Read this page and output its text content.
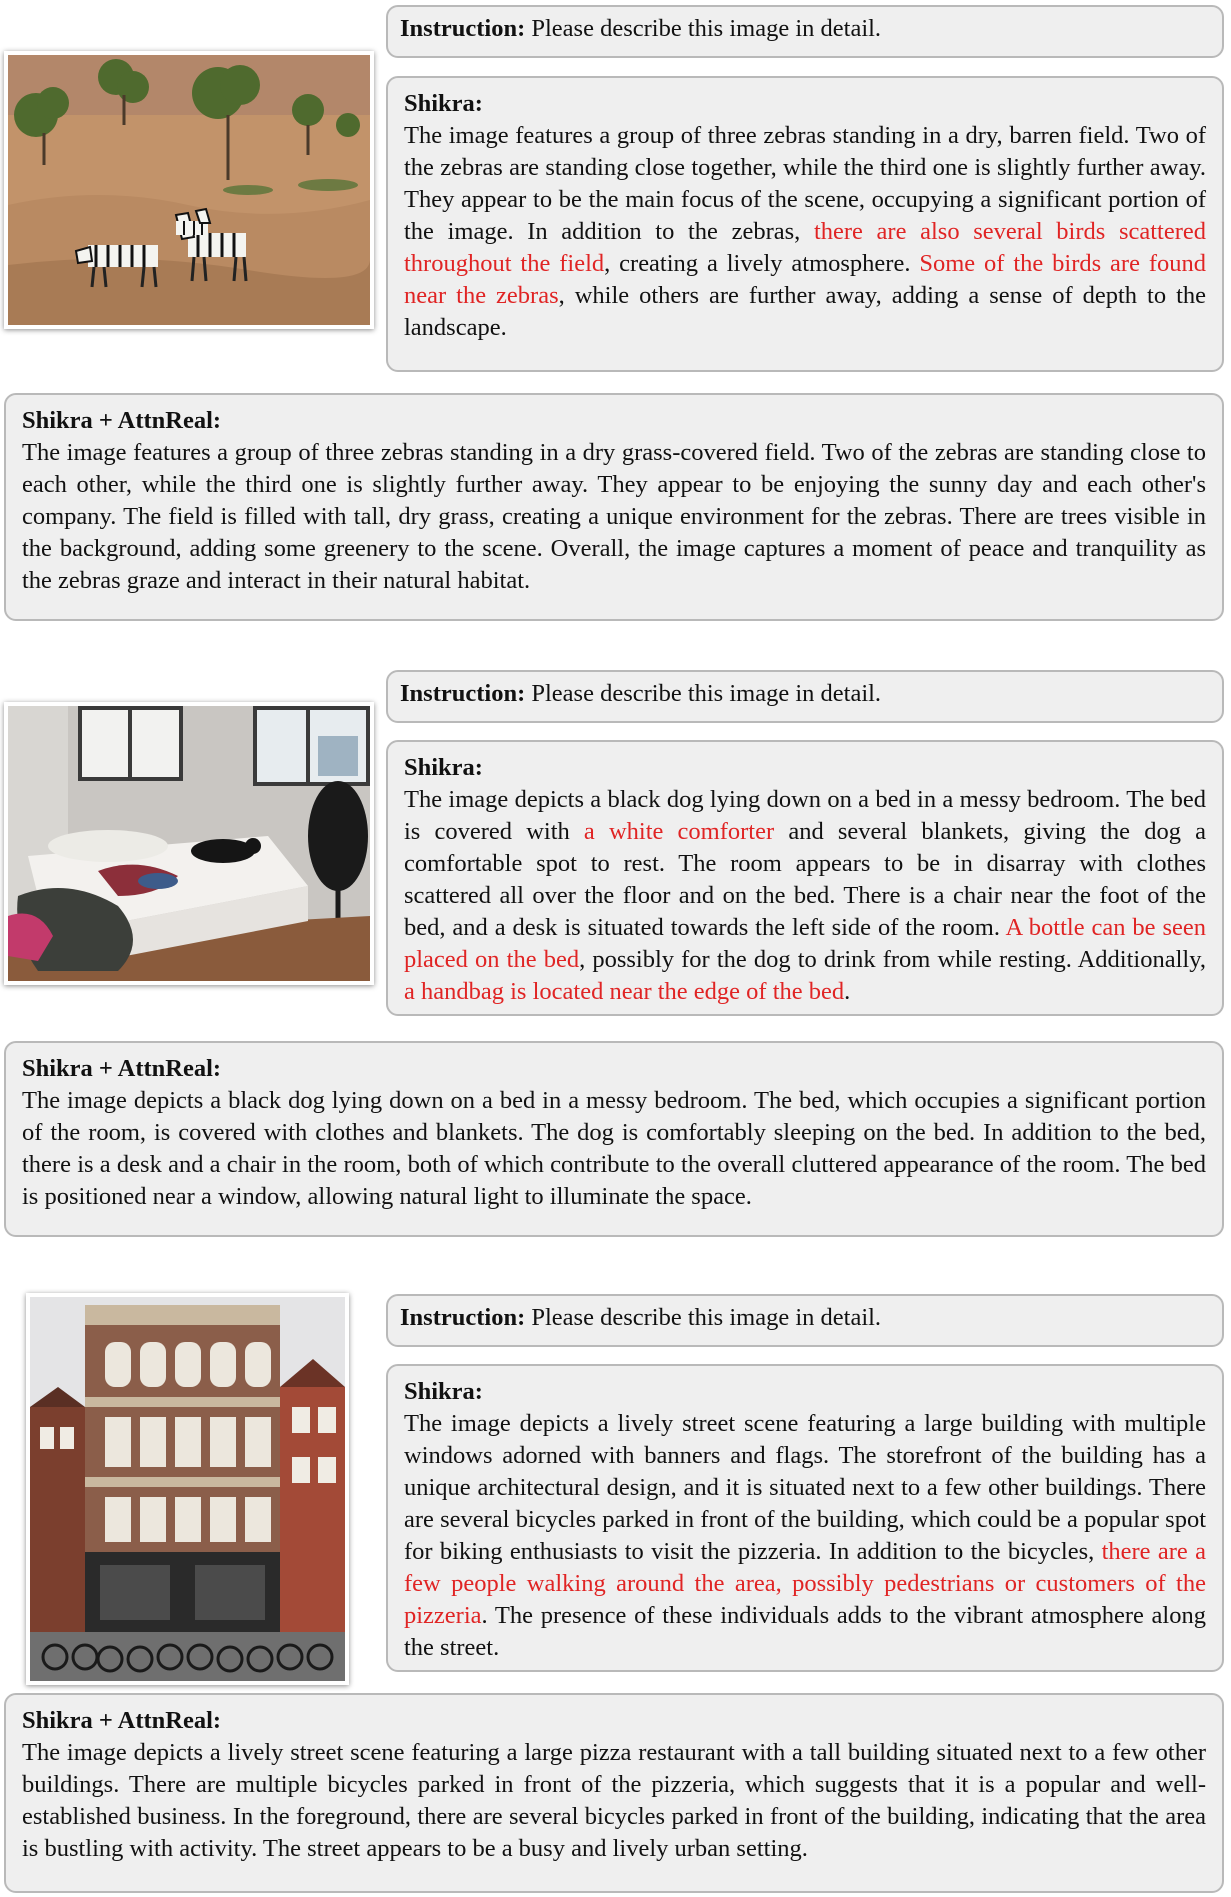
Instruction: Please describe this image in detail.
Shikra:
The image features a group of three zebras standing in a dry, barren field. Two of the zebras are standing close together, while the third one is slightly further away. They appear to be the main focus of the scene, occupying a significant portion of the image. In addition to the zebras, there are also several birds scattered throughout the field, creating a lively atmosphere. Some of the birds are found near the zebras, while others are further away, adding a sense of depth to the landscape.
Shikra + AttnReal:
The image features a group of three zebras standing in a dry grass-covered field. Two of the zebras are standing close to each other, while the third one is slightly further away. They appear to be enjoying the sunny day and each other's company. The field is filled with tall, dry grass, creating a unique environment for the zebras. There are trees visible in the background, adding some greenery to the scene. Overall, the image captures a moment of peace and tranquility as the zebras graze and interact in their natural habitat.
Instruction: Please describe this image in detail.
Shikra:
The image depicts a black dog lying down on a bed in a messy bedroom. The bed is covered with a white comforter and several blankets, giving the dog a comfortable spot to rest. The room appears to be in disarray with clothes scattered all over the floor and on the bed. There is a chair near the foot of the bed, and a desk is situated towards the left side of the room. A bottle can be seen placed on the bed, possibly for the dog to drink from while resting. Additionally, a handbag is located near the edge of the bed.
Shikra + AttnReal:
The image depicts a black dog lying down on a bed in a messy bedroom. The bed, which occupies a significant portion of the room, is covered with clothes and blankets. The dog is comfortably sleeping on the bed. In addition to the bed, there is a desk and a chair in the room, both of which contribute to the overall cluttered appearance of the room. The bed is positioned near a window, allowing natural light to illuminate the space.
Instruction: Please describe this image in detail.
Shikra:
The image depicts a lively street scene featuring a large building with multiple windows adorned with banners and flags. The storefront of the building has a unique architectural design, and it is situated next to a few other buildings. There are several bicycles parked in front of the building, which could be a popular spot for biking enthusiasts to visit the pizzeria. In addition to the bicycles, there are a few people walking around the area, possibly pedestrians or customers of the pizzeria. The presence of these individuals adds to the vibrant atmosphere along the street.
Shikra + AttnReal:
The image depicts a lively street scene featuring a large pizza restaurant with a tall building situated next to a few other buildings. There are multiple bicycles parked in front of the pizzeria, which suggests that it is a popular and well-established business. In the foreground, there are several bicycles parked in front of the building, indicating that the area is bustling with activity. The street appears to be a busy and lively urban setting.
